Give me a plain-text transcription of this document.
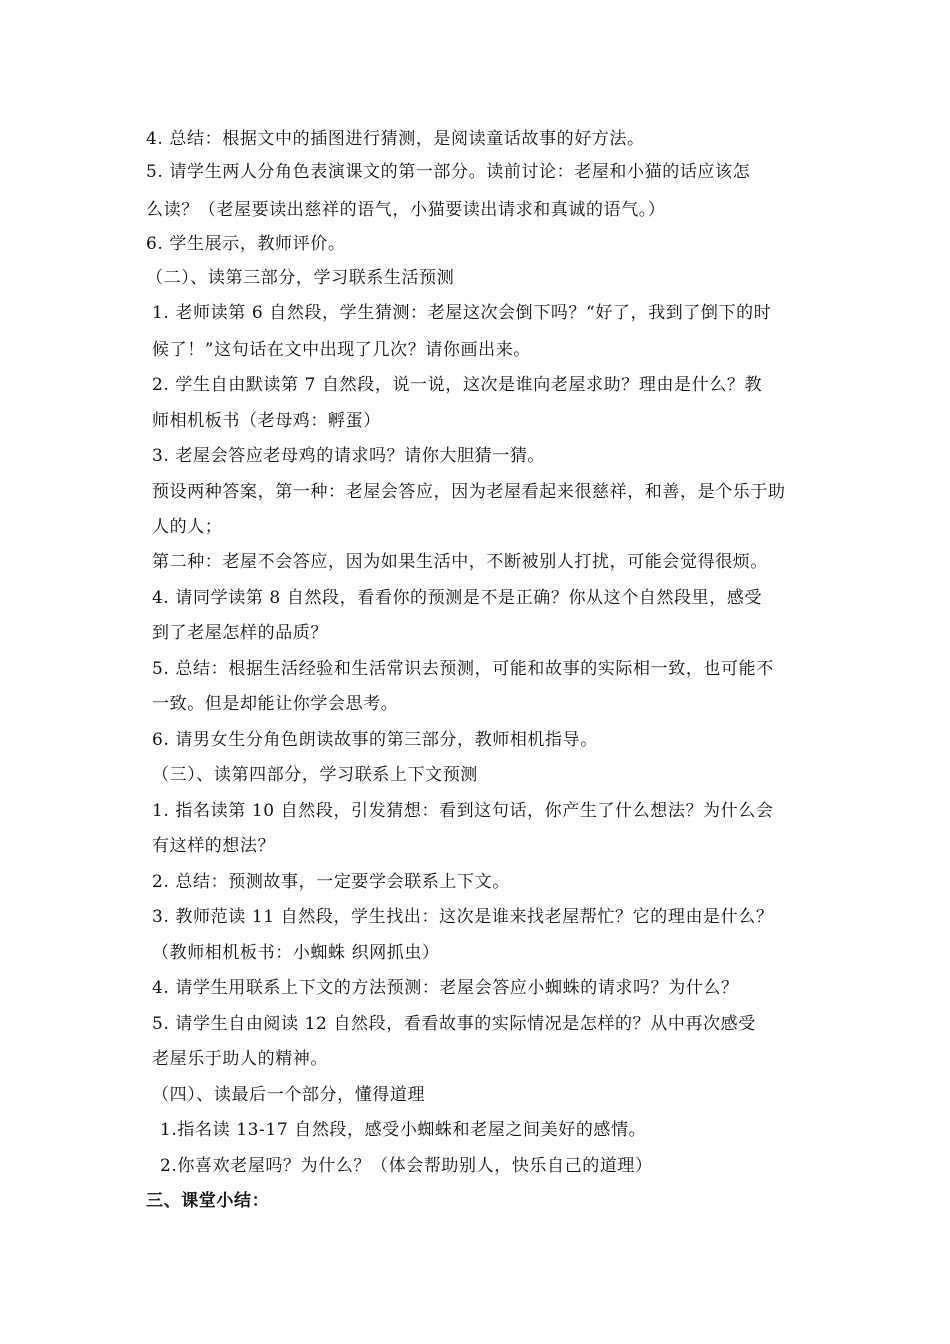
4. 总结：根据文中的插图进行猜测，是阅读童话故事的好方法。
5. 请学生两人分角色表演课文的第一部分。读前讨论：老屋和小猫的话应该怎
么读？（老屋要读出慈祥的语气，小猫要读出请求和真诚的语气。）
6. 学生展示，教师评价。
（二）、读第三部分，学习联系生活预测
1. 老师读第 6 自然段，学生猜测：老屋这次会倒下吗？“好了，我到了倒下的时
候了！”这句话在文中出现了几次？请你画出来。
2. 学生自由默读第 7 自然段，说一说，这次是谁向老屋求助？理由是什么？教
师相机板书（老母鸡：孵蛋）
3. 老屋会答应老母鸡的请求吗？请你大胆猜一猜。
预设两种答案，第一种：老屋会答应，因为老屋看起来很慈祥，和善，是个乐于助
人的人；
第二种：老屋不会答应，因为如果生活中，不断被别人打扰，可能会觉得很烦。
4. 请同学读第 8 自然段，看看你的预测是不是正确？你从这个自然段里，感受
到了老屋怎样的品质？
5. 总结：根据生活经验和生活常识去预测，可能和故事的实际相一致，也可能不
一致。但是却能让你学会思考。
6. 请男女生分角色朗读故事的第三部分，教师相机指导。
（三）、读第四部分，学习联系上下文预测
1. 指名读第 10 自然段，引发猜想：看到这句话，你产生了什么想法？为什么会
有这样的想法？
2. 总结：预测故事，一定要学会联系上下文。
3. 教师范读 11 自然段，学生找出：这次是谁来找老屋帮忙？它的理由是什么？
（教师相机板书：小蜘蛛 织网抓虫）
4. 请学生用联系上下文的方法预测：老屋会答应小蜘蛛的请求吗？为什么？
5. 请学生自由阅读 12 自然段，看看故事的实际情况是怎样的？从中再次感受
老屋乐于助人的精神。
（四）、读最后一个部分，懂得道理
1.指名读 13-17 自然段，感受小蜘蛛和老屋之间美好的感情。
2.你喜欢老屋吗？为什么？（体会帮助别人，快乐自己的道理）
三、课堂小结：
